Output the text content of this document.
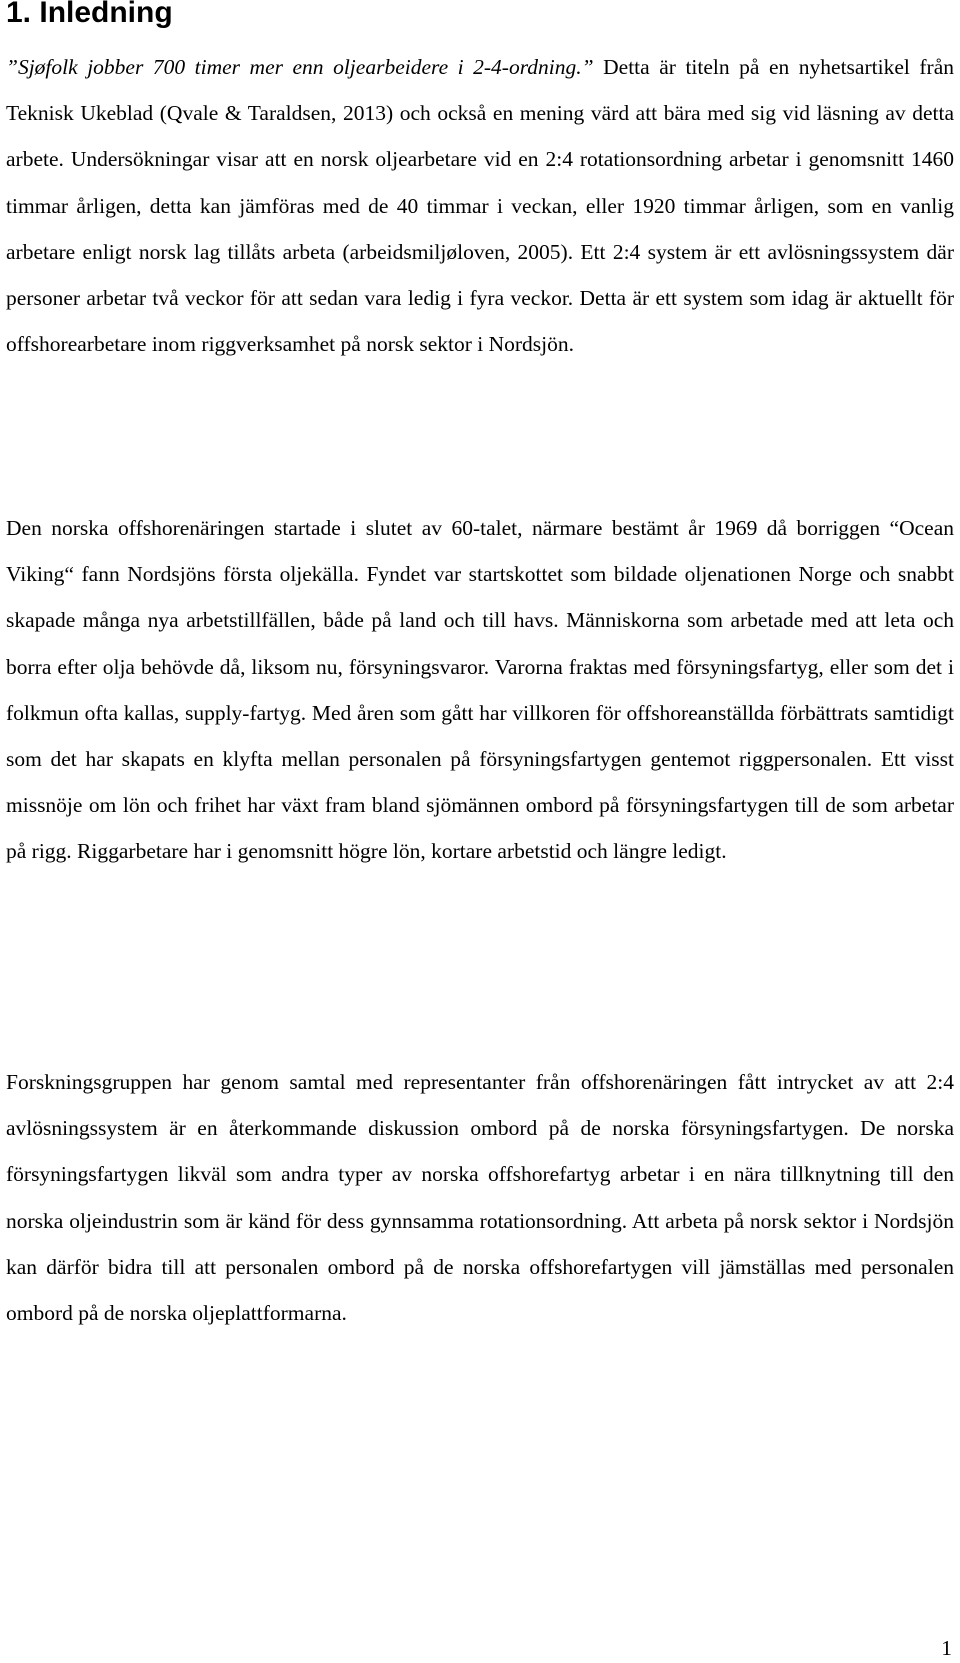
1. Inledning

”Sjøfolk jobber 700 timer mer enn oljearbeidere i 2-4-ordning.” Detta är titeln på en nyhetsartikel från Teknisk Ukeblad (Qvale & Taraldsen, 2013) och också en mening värd att bära med sig vid läsning av detta arbete. Undersökningar visar att en norsk oljearbetare vid en 2:4 rotationsordning arbetar i genomsnitt 1460 timmar årligen, detta kan jämföras med de 40 timmar i veckan, eller 1920 timmar årligen, som en vanlig arbetare enligt norsk lag tillåts arbeta (arbeidsmiljøloven, 2005). Ett 2:4 system är ett avlösningssystem där personer arbetar två veckor för att sedan vara ledig i fyra veckor. Detta är ett system som idag är aktuellt för offshorearbetare inom riggverksamhet på norsk sektor i Nordsjön.

Den norska offshorenäringen startade i slutet av 60-talet, närmare bestämt år 1969 då borriggen “Ocean Viking“ fann Nordsjöns första oljekälla. Fyndet var startskottet som bildade oljenationen Norge och snabbt skapade många nya arbetstillfällen, både på land och till havs. Människorna som arbetade med att leta och borra efter olja behövde då, liksom nu, försyningsvaror. Varorna fraktas med försyningsfartyg, eller som det i folkmun ofta kallas, supply-fartyg. Med åren som gått har villkoren för offshoreanställda förbättrats samtidigt som det har skapats en klyfta mellan personalen på försyningsfartygen gentemot riggpersonalen. Ett visst missnöje om lön och frihet har växt fram bland sjömännen ombord på försyningsfartygen till de som arbetar på rigg. Riggarbetare har i genomsnitt högre lön, kortare arbetstid och längre ledigt.

Forskningsgruppen har genom samtal med representanter från offshorenäringen fått intrycket av att 2:4 avlösningssystem är en återkommande diskussion ombord på de norska försyningsfartygen. De norska försyningsfartygen likväl som andra typer av norska offshorefartyg arbetar i en nära tillknytning till den norska oljeindustrin som är känd för dess gynnsamma rotationsordning. Att arbeta på norsk sektor i Nordsjön kan därför bidra till att personalen ombord på de norska offshorefartygen vill jämställas med personalen ombord på de norska oljeplattformarna.

1
